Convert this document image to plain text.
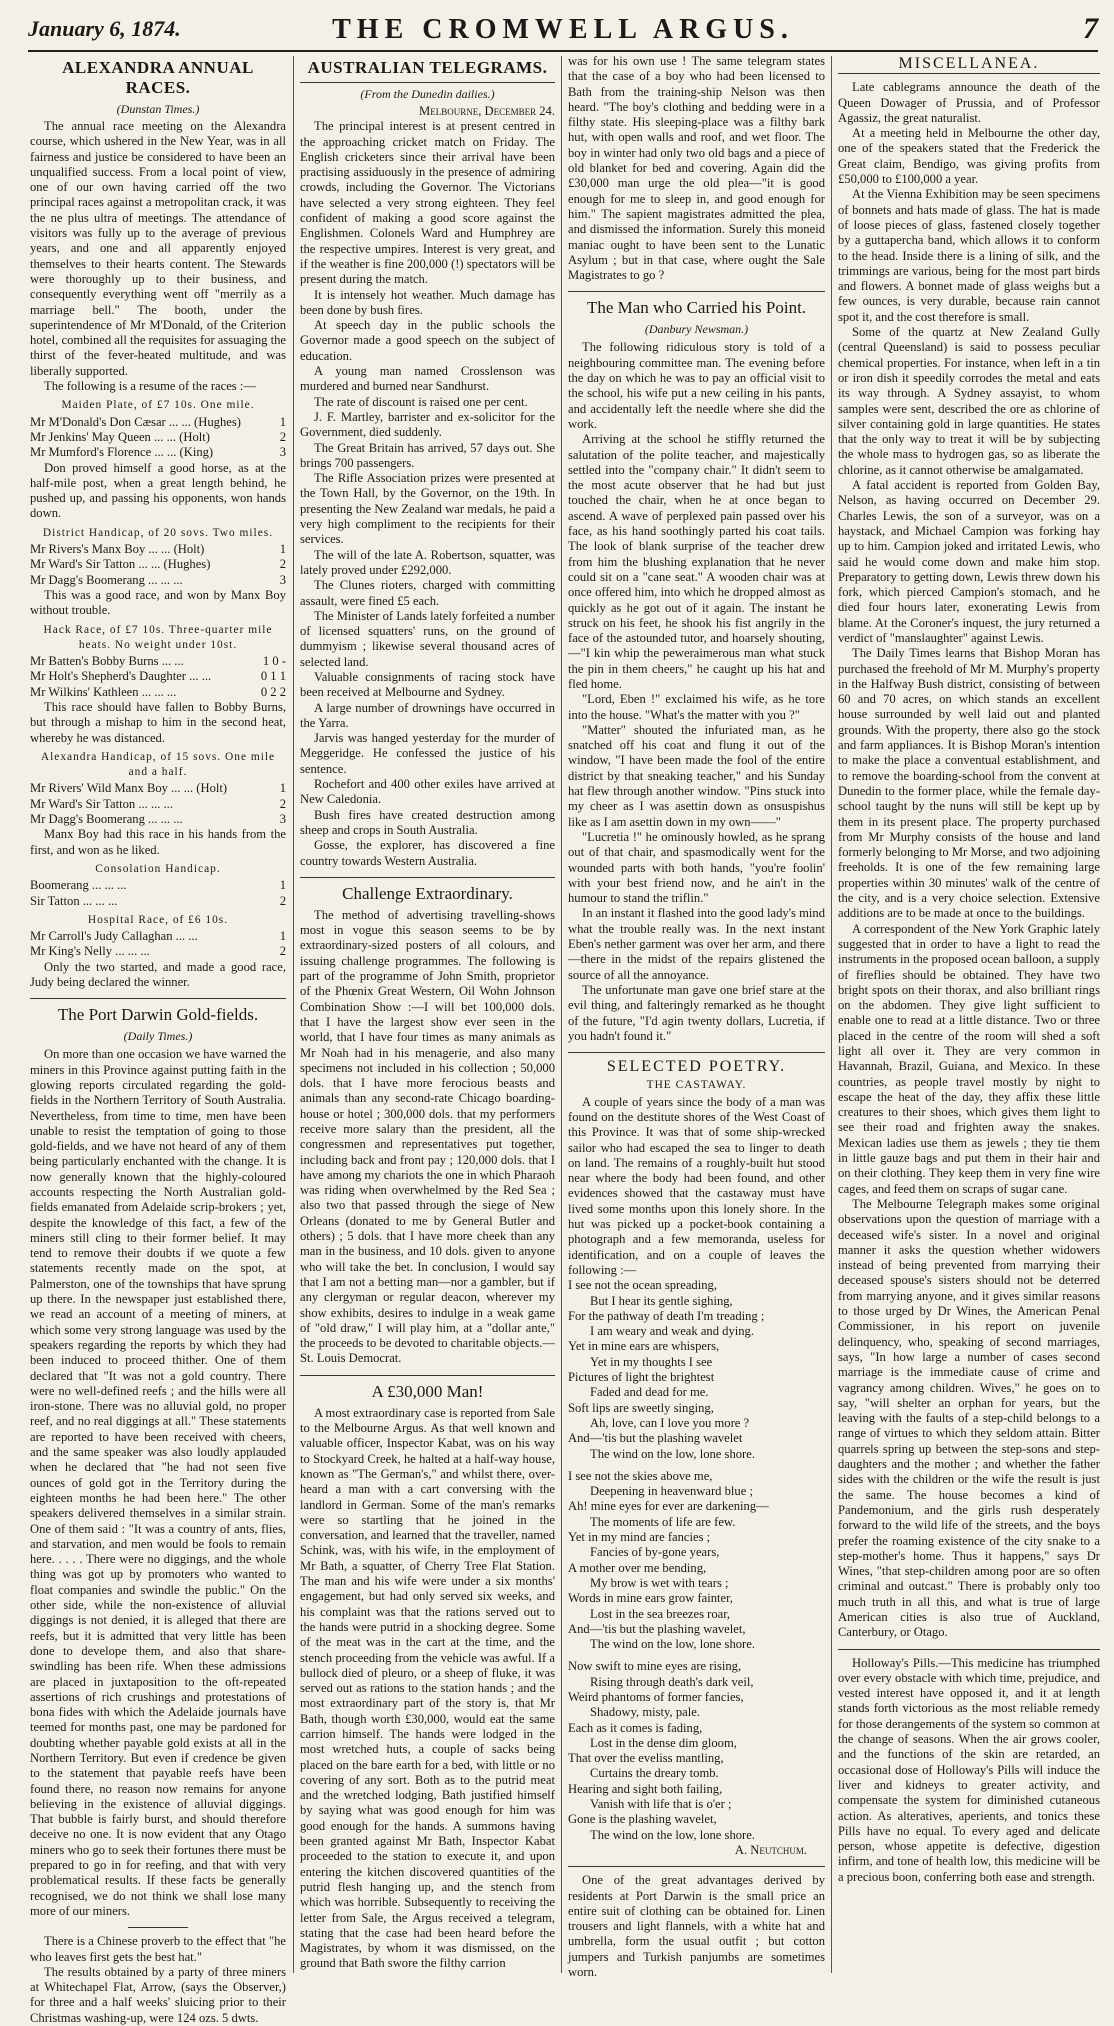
January 6, 1874.	THE CROMWELL ARGUS.	7
ALEXANDRA ANNUAL RACES.
(Dunstan Times.)

The annual race meeting on the Alexandra course, which ushered in the New Year, was in all fairness and justice be considered to have been an unqualified success. From a local point of view, one of our own having carried off the two principal races against a metropolitan crack, it was the ne plus ultra of meetings. The attendance of visitors was fully up to the average of previous years, and one and all apparently enjoyed themselves to their hearts content. The Stewards were thoroughly up to their business, and consequently everything went off "merrily as a marriage bell." The booth, under the superintendence of Mr M'Donald, of the Criterion hotel, combined all the requisites for assuaging the thirst of the fever-heated multitude, and was liberally supported.

The following is a resume of the races :—

Maiden Plate, of £7 10s. One mile.
Mr M'Donald's Don Cæsar ... ... (Hughes)	1
Mr Jenkins' May Queen ... ... (Holt)	2
Mr Mumford's Florence ... ... (King)	3

Don proved himself a good horse, as at the half-mile post, when a great length behind, he pushed up, and passing his opponents, won hands down.

District Handicap, of 20 sovs. Two miles.
Mr Rivers's Manx Boy ... ... (Holt)	1
Mr Ward's Sir Tatton ... ... (Hughes)	2
Mr Dagg's Boomerang ... ... ...	3

This was a good race, and won by Manx Boy without trouble.

Hack Race, of £7 10s. Three-quarter mile heats. No weight under 10st.
Mr Batten's Bobby Burns ... ...	1 0 -
Mr Holt's Shepherd's Daughter ... ...	0 1 1
Mr Wilkins' Kathleen ... ... ...	0 2 2

This race should have fallen to Bobby Burns, but through a mishap to him in the second heat, whereby he was distanced.

Alexandra Handicap, of 15 sovs. One mile and a half.
Mr Rivers' Wild Manx Boy ... ... (Holt)	1
Mr Ward's Sir Tatton ... ... ...	2
Mr Dagg's Boomerang ... ... ...	3

Manx Boy had this race in his hands from the first, and won as he liked.

Consolation Handicap.
Boomerang ... ... ...	1
Sir Tatton ... ... ...	2
Hospital Race, of £6 10s.
Mr Carroll's Judy Callaghan ... ...	1
Mr King's Nelly ... ... ...	2

Only the two started, and made a good race, Judy being declared the winner.

The Port Darwin Gold-fields.
(Daily Times.)

On more than one occasion we have warned the miners in this Province against putting faith in the glowing reports circulated regarding the gold-fields in the Northern Territory of South Australia. Nevertheless, from time to time, men have been unable to resist the temptation of going to those gold-fields, and we have not heard of any of them being particularly enchanted with the change. It is now generally known that the highly-coloured accounts respecting the North Australian gold-fields emanated from Adelaide scrip-brokers ; yet, despite the knowledge of this fact, a few of the miners still cling to their former belief. It may tend to remove their doubts if we quote a few statements recently made on the spot, at Palmerston, one of the townships that have sprung up there. In the newspaper just established there, we read an account of a meeting of miners, at which some very strong language was used by the speakers regarding the reports by which they had been induced to proceed thither. One of them declared that "It was not a gold country. There were no well-defined reefs ; and the hills were all iron-stone. There was no alluvial gold, no proper reef, and no real diggings at all." These statements are reported to have been received with cheers, and the same speaker was also loudly applauded when he declared that "he had not seen five ounces of gold got in the Territory during the eighteen months he had been here." The other speakers delivered themselves in a similar strain. One of them said : "It was a country of ants, flies, and starvation, and men would be fools to remain here. . . . . There were no diggings, and the whole thing was got up by promoters who wanted to float companies and swindle the public." On the other side, while the non-existence of alluvial diggings is not denied, it is alleged that there are reefs, but it is admitted that very little has been done to develope them, and also that share-swindling has been rife. When these admissions are placed in juxtaposition to the oft-repeated assertions of rich crushings and protestations of bona fides with which the Adelaide journals have teemed for months past, one may be pardoned for doubting whether payable gold exists at all in the Northern Territory. But even if credence be given to the statement that payable reefs have been found there, no reason now remains for anyone believing in the existence of alluvial diggings. That bubble is fairly burst, and should therefore deceive no one. It is now evident that any Otago miners who go to seek their fortunes there must be prepared to go in for reefing, and that with very problematical results. If these facts be generally recognised, we do not think we shall lose many more of our miners.

There is a Chinese proverb to the effect that "he who leaves first gets the best hat."

The results obtained by a party of three miners at Whitechapel Flat, Arrow, (says the Observer,) for three and a half weeks' sluicing prior to their Christmas washing-up, were 124 ozs. 5 dwts.

AUSTRALIAN TELEGRAMS.
(From the Dunedin dailies.)
Melbourne, December 24.

The principal interest is at present centred in the approaching cricket match on Friday. The English cricketers since their arrival have been practising assiduously in the presence of admiring crowds, including the Governor. The Victorians have selected a very strong eighteen. They feel confident of making a good score against the Englishmen. Colonels Ward and Humphrey are the respective umpires. Interest is very great, and if the weather is fine 200,000 (!) spectators will be present during the match.

It is intensely hot weather. Much damage has been done by bush fires.

At speech day in the public schools the Governor made a good speech on the subject of education.

A young man named Crosslenson was murdered and burned near Sandhurst.

The rate of discount is raised one per cent.

J. F. Martley, barrister and ex-solicitor for the Government, died suddenly.

The Great Britain has arrived, 57 days out. She brings 700 passengers.

The Rifle Association prizes were presented at the Town Hall, by the Governor, on the 19th. In presenting the New Zealand war medals, he paid a very high compliment to the recipients for their services.

The will of the late A. Robertson, squatter, was lately proved under £292,000.

The Clunes rioters, charged with committing assault, were fined £5 each.

The Minister of Lands lately forfeited a number of licensed squatters' runs, on the ground of dummyism ; likewise several thousand acres of selected land.

Valuable consignments of racing stock have been received at Melbourne and Sydney.

A large number of drownings have occurred in the Yarra.

Jarvis was hanged yesterday for the murder of Meggeridge. He confessed the justice of his sentence.

Rochefort and 400 other exiles have arrived at New Caledonia.

Bush fires have created destruction among sheep and crops in South Australia.

Gosse, the explorer, has discovered a fine country towards Western Australia.

Challenge Extraordinary.

The method of advertising travelling-shows most in vogue this season seems to be by extraordinary-sized posters of all colours, and issuing challenge programmes. The following is part of the programme of John Smith, proprietor of the Phœnix Great Western, Oil Wohn Johnson Combination Show :—I will bet 100,000 dols. that I have the largest show ever seen in the world, that I have four times as many animals as Mr Noah had in his menagerie, and also many specimens not included in his collection ; 50,000 dols. that I have more ferocious beasts and animals than any second-rate Chicago boarding-house or hotel ; 300,000 dols. that my performers receive more salary than the president, all the congressmen and representatives put together, including back and front pay ; 120,000 dols. that I have among my chariots the one in which Pharaoh was riding when overwhelmed by the Red Sea ; also two that passed through the siege of New Orleans (donated to me by General Butler and others) ; 5 dols. that I have more cheek than any man in the business, and 10 dols. given to anyone who will take the bet. In conclusion, I would say that I am not a betting man—nor a gambler, but if any clergyman or regular deacon, wherever my show exhibits, desires to indulge in a weak game of "old draw," I will play him, at a "dollar ante," the proceeds to be devoted to charitable objects.—St. Louis Democrat.

A £30,000 Man!

A most extraordinary case is reported from Sale to the Melbourne Argus. As that well known and valuable officer, Inspector Kabat, was on his way to Stockyard Creek, he halted at a half-way house, known as "The German's," and whilst there, over-heard a man with a cart conversing with the landlord in German. Some of the man's remarks were so startling that he joined in the conversation, and learned that the traveller, named Schink, was, with his wife, in the employment of Mr Bath, a squatter, of Cherry Tree Flat Station. The man and his wife were under a six months' engagement, but had only served six weeks, and his complaint was that the rations served out to the hands were putrid in a shocking degree. Some of the meat was in the cart at the time, and the stench proceeding from the vehicle was awful. If a bullock died of pleuro, or a sheep of fluke, it was served out as rations to the station hands ; and the most extraordinary part of the story is, that Mr Bath, though worth £30,000, would eat the same carrion himself. The hands were lodged in the most wretched huts, a couple of sacks being placed on the bare earth for a bed, with little or no covering of any sort. Both as to the putrid meat and the wretched lodging, Bath justified himself by saying what was good enough for him was good enough for the hands. A summons having been granted against Mr Bath, Inspector Kabat proceeded to the station to execute it, and upon entering the kitchen discovered quantities of the putrid flesh hanging up, and the stench from which was horrible. Subsequently to receiving the letter from Sale, the Argus received a telegram, stating that the case had been heard before the Magistrates, by whom it was dismissed, on the ground that Bath swore the filthy carrion

was for his own use ! The same telegram states that the case of a boy who had been licensed to Bath from the training-ship Nelson was then heard. "The boy's clothing and bedding were in a filthy state. His sleeping-place was a filthy bark hut, with open walls and roof, and wet floor. The boy in winter had only two old bags and a piece of old blanket for bed and covering. Again did the £30,000 man urge the old plea—"it is good enough for me to sleep in, and good enough for him." The sapient magistrates admitted the plea, and dismissed the information. Surely this moneid maniac ought to have been sent to the Lunatic Asylum ; but in that case, where ought the Sale Magistrates to go ?

The Man who Carried his Point.
(Danbury Newsman.)

The following ridiculous story is told of a neighbouring committee man. The evening before the day on which he was to pay an official visit to the school, his wife put a new ceiling in his pants, and accidentally left the needle where she did the work.

Arriving at the school he stiffly returned the salutation of the polite teacher, and majestically settled into the "company chair." It didn't seem to the most acute observer that he had but just touched the chair, when he at once began to ascend. A wave of perplexed pain passed over his face, as his hand soothingly parted his coat tails. The look of blank surprise of the teacher drew from him the blushing explanation that he never could sit on a "cane seat." A wooden chair was at once offered him, into which he dropped almost as quickly as he got out of it again. The instant he struck on his feet, he shook his fist angrily in the face of the astounded tutor, and hoarsely shouting,—"I kin whip the peweraimerous man what stuck the pin in them cheers," he caught up his hat and fled home.

"Lord, Eben !" exclaimed his wife, as he tore into the house. "What's the matter with you ?"

"Matter" shouted the infuriated man, as he snatched off his coat and flung it out of the window, "I have been made the fool of the entire district by that sneaking teacher," and his Sunday hat flew through another window. "Pins stuck into my cheer as I was asettin down as onsuspishus like as I am asettin down in my own——"

"Lucretia !" he ominously howled, as he sprang out of that chair, and spasmodically went for the wounded parts with both hands, "you're foolin' with your best friend now, and he ain't in the humour to stand the triflin."

In an instant it flashed into the good lady's mind what the trouble really was. In the next instant Eben's nether garment was over her arm, and there—there in the midst of the repairs glistened the source of all the annoyance.

The unfortunate man gave one brief stare at the evil thing, and falteringly remarked as he thought of the future, "I'd agin twenty dollars, Lucretia, if you hadn't found it."

SELECTED POETRY.
THE CASTAWAY.

A couple of years since the body of a man was found on the destitute shores of the West Coast of this Province. It was that of some ship-wrecked sailor who had escaped the sea to linger to death on land. The remains of a roughly-built hut stood near where the body had been found, and other evidences showed that the castaway must have lived some months upon this lonely shore. In the hut was picked up a pocket-book containing a photograph and a few memoranda, useless for identification, and on a couple of leaves the following :—

I see not the ocean spreading,

But I hear its gentle sighing,

For the pathway of death I'm treading ;

I am weary and weak and dying.

Yet in mine ears are whispers,

Yet in my thoughts I see

Pictures of light the brightest

Faded and dead for me.

Soft lips are sweetly singing,

Ah, love, can I love you more ?

And—'tis but the plashing wavelet

The wind on the low, lone shore.

I see not the skies above me,

Deepening in heavenward blue ;

Ah! mine eyes for ever are darkening—

The moments of life are few.

Yet in my mind are fancies ;

Fancies of by-gone years,

A mother over me bending,

My brow is wet with tears ;

Words in mine ears grow fainter,

Lost in the sea breezes roar,

And—'tis but the plashing wavelet,

The wind on the low, lone shore.

Now swift to mine eyes are rising,

Rising through death's dark veil,

Weird phantoms of former fancies,

Shadowy, misty, pale.

Each as it comes is fading,

Lost in the dense dim gloom,

That over the eveliss mantling,

Curtains the dreary tomb.

Hearing and sight both failing,

Vanish with life that is o'er ;

Gone is the plashing wavelet,

The wind on the low, lone shore.

A. Neutchum.

One of the great advantages derived by residents at Port Darwin is the small price an entire suit of clothing can be obtained for. Linen trousers and light flannels, with a white hat and umbrella, form the usual outfit ; but cotton jumpers and Turkish panjumbs are sometimes worn.

MISCELLANEA.

Late cablegrams announce the death of the Queen Dowager of Prussia, and of Professor Agassiz, the great naturalist.

At a meeting held in Melbourne the other day, one of the speakers stated that the Frederick the Great claim, Bendigo, was giving profits from £50,000 to £100,000 a year.

At the Vienna Exhibition may be seen specimens of bonnets and hats made of glass. The hat is made of loose pieces of glass, fastened closely together by a guttapercha band, which allows it to conform to the head. Inside there is a lining of silk, and the trimmings are various, being for the most part birds and flowers. A bonnet made of glass weighs but a few ounces, is very durable, because rain cannot spot it, and the cost therefore is small.

Some of the quartz at New Zealand Gully (central Queensland) is said to possess peculiar chemical properties. For instance, when left in a tin or iron dish it speedily corrodes the metal and eats its way through. A Sydney assayist, to whom samples were sent, described the ore as chlorine of silver containing gold in large quantities. He states that the only way to treat it will be by subjecting the whole mass to hydrogen gas, so as liberate the chlorine, as it cannot otherwise be amalgamated.

A fatal accident is reported from Golden Bay, Nelson, as having occurred on December 29. Charles Lewis, the son of a surveyor, was on a haystack, and Michael Campion was forking hay up to him. Campion joked and irritated Lewis, who said he would come down and make him stop. Preparatory to getting down, Lewis threw down his fork, which pierced Campion's stomach, and he died four hours later, exonerating Lewis from blame. At the Coroner's inquest, the jury returned a verdict of "manslaughter" against Lewis.

The Daily Times learns that Bishop Moran has purchased the freehold of Mr M. Murphy's property in the Halfway Bush district, consisting of between 60 and 70 acres, on which stands an excellent house surrounded by well laid out and planted grounds. With the property, there also go the stock and farm appliances. It is Bishop Moran's intention to make the place a conventual establishment, and to remove the boarding-school from the convent at Dunedin to the former place, while the female day-school taught by the nuns will still be kept up by them in its present place. The property purchased from Mr Murphy consists of the house and land formerly belonging to Mr Morse, and two adjoining freeholds. It is one of the few remaining large properties within 30 minutes' walk of the centre of the city, and is a very choice selection. Extensive additions are to be made at once to the buildings.

A correspondent of the New York Graphic lately suggested that in order to have a light to read the instruments in the proposed ocean balloon, a supply of fireflies should be obtained. They have two bright spots on their thorax, and also brilliant rings on the abdomen. They give light sufficient to enable one to read at a little distance. Two or three placed in the centre of the room will shed a soft light all over it. They are very common in Havannah, Brazil, Guiana, and Mexico. In these countries, as people travel mostly by night to escape the heat of the day, they affix these little creatures to their shoes, which gives them light to see their road and frighten away the snakes. Mexican ladies use them as jewels ; they tie them in little gauze bags and put them in their hair and on their clothing. They keep them in very fine wire cages, and feed them on scraps of sugar cane.

The Melbourne Telegraph makes some original observations upon the question of marriage with a deceased wife's sister. In a novel and original manner it asks the question whether widowers instead of being prevented from marrying their deceased spouse's sisters should not be deterred from marrying anyone, and it gives similar reasons to those urged by Dr Wines, the American Penal Commissioner, in his report on juvenile delinquency, who, speaking of second marriages, says, "In how large a number of cases second marriage is the immediate cause of crime and vagrancy among children. Wives," he goes on to say, "will shelter an orphan for years, but the leaving with the faults of a step-child belongs to a range of virtues to which they seldom attain. Bitter quarrels spring up between the step-sons and step-daughters and the mother ; and whether the father sides with the children or the wife the result is just the same. The house becomes a kind of Pandemonium, and the girls rush desperately forward to the wild life of the streets, and the boys prefer the roaming existence of the city snake to a step-mother's home. Thus it happens," says Dr Wines, "that step-children among poor are so often criminal and outcast." There is probably only too much truth in all this, and what is true of large American cities is also true of Auckland, Canterbury, or Otago.

Holloway's Pills.—This medicine has triumphed over every obstacle with which time, prejudice, and vested interest have opposed it, and it at length stands forth victorious as the most reliable remedy for those derangements of the system so common at the change of seasons. When the air grows cooler, and the functions of the skin are retarded, an occasional dose of Holloway's Pills will induce the liver and kidneys to greater activity, and compensate the system for diminished cutaneous action. As alteratives, aperients, and tonics these Pills have no equal. To every aged and delicate person, whose appetite is defective, digestion infirm, and tone of health low, this medicine will be a precious boon, conferring both ease and strength.
